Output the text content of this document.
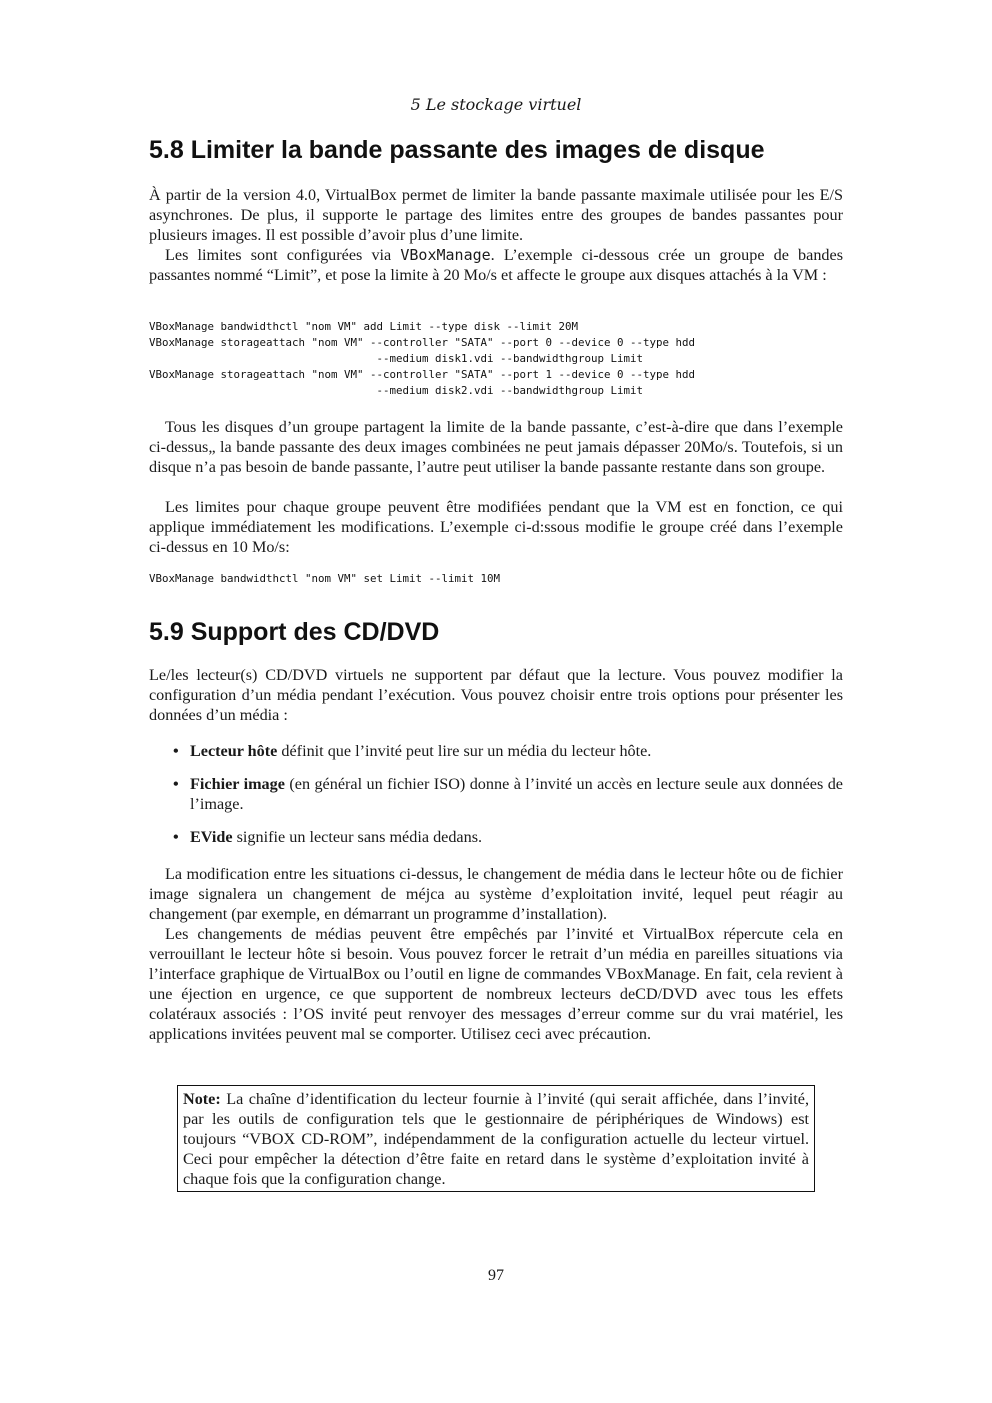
5 Le stockage virtuel
5.8 Limiter la bande passante des images de disque

À partir de la version 4.0, VirtualBox permet de limiter la bande passante maximale utilisée pour les E/S asynchrones. De plus, il supporte le partage des limites entre des groupes de bandes passantes pour plusieurs images. Il est possible d’avoir plus d’une limite.

Les limites sont configurées via VBoxManage. L’exemple ci-dessous crée un groupe de bandes passantes nommé “Limit”, et pose la limite à 20 Mo/s et affecte le groupe aux disques attachés à la VM :

VBoxManage bandwidthctl "nom VM" add Limit --type disk --limit 20M
VBoxManage storageattach "nom VM" --controller "SATA" --port 0 --device 0 --type hdd
--medium disk1.vdi --bandwidthgroup Limit
VBoxManage storageattach "nom VM" --controller "SATA" --port 1 --device 0 --type hdd
--medium disk2.vdi --bandwidthgroup Limit

Tous les disques d’un groupe partagent la limite de la bande passante, c’est-à-dire que dans l’exemple ci-dessus„ la bande passante des deux images combinées ne peut jamais dépasser 20Mo/s. Toutefois, si un disque n’a pas besoin de bande passante, l’autre peut utiliser la bande passante restante dans son groupe.

Les limites pour chaque groupe peuvent être modifiées pendant que la VM est en fonction, ce qui applique immédiatement les modifications. L’exemple ci-d:ssous modifie le groupe créé dans l’exemple ci-dessus en 10 Mo/s:

VBoxManage bandwidthctl "nom VM" set Limit --limit 10M
5.9 Support des CD/DVD

Le/les lecteur(s) CD/DVD virtuels ne supportent par défaut que la lecture. Vous pouvez modifier la configuration d’un média pendant l’exécution. Vous pouvez choisir entre trois options pour présenter les données d’un média :

• Lecteur hôte définit que l’invité peut lire sur un média du lecteur hôte.
• Fichier image (en général un fichier ISO) donne à l’invité un accès en lecture seule aux données de l’image.
• EVide signifie un lecteur sans média dedans.

La modification entre les situations ci-dessus, le changement de média dans le lecteur hôte ou de fichier image signalera un changement de méjca au système d’exploitation invité, lequel peut réagir au changement (par exemple, en démarrant un programme d’installation).

Les changements de médias peuvent être empêchés par l’invité et VirtualBox répercute cela en verrouillant le lecteur hôte si besoin. Vous pouvez forcer le retrait d’un média en pareilles situations via l’interface graphique de VirtualBox ou l’outil en ligne de commandes VBoxManage. En fait, cela revient à une éjection en urgence, ce que supportent de nombreux lecteurs deCD/DVD avec tous les effets colatéraux associés : l’OS invité peut renvoyer des messages d’erreur comme sur du vrai matériel, les applications invitées peuvent mal se comporter. Utilisez ceci avec précaution.

Note: La chaîne d’identification du lecteur fournie à l’invité (qui serait affichée, dans l’invité, par les outils de configuration tels que le gestionnaire de périphériques de Windows) est toujours “VBOX CD-ROM”, indépendamment de la configuration actuelle du lecteur virtuel. Ceci pour empêcher la détection d’être faite en retard dans le système d’exploitation invité à chaque fois que la configuration change.
97
